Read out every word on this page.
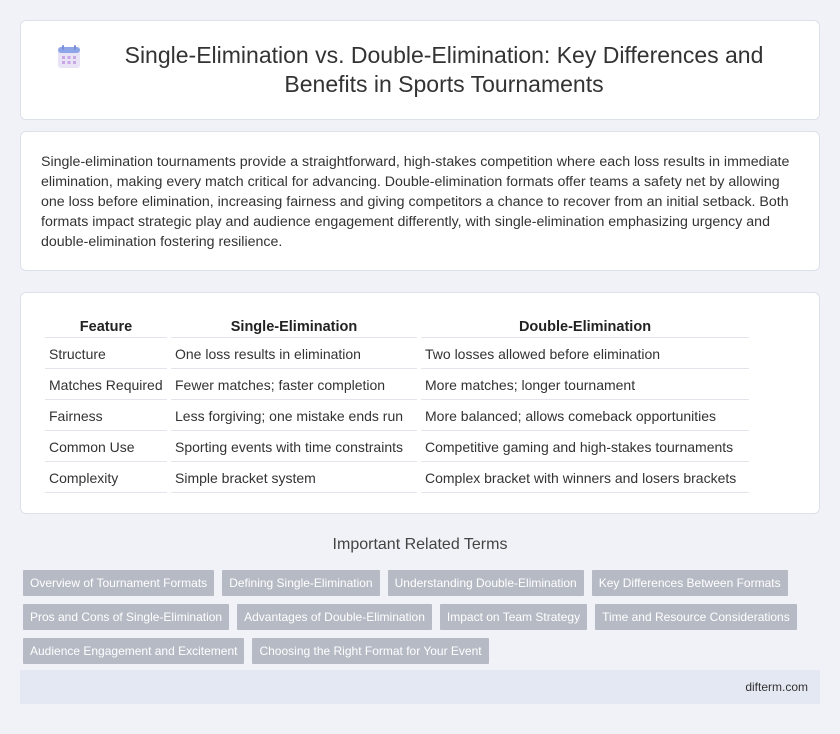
Single-Elimination vs. Double-Elimination: Key Differences and Benefits in Sports Tournaments

Single-elimination tournaments provide a straightforward, high-stakes competition where each loss results in immediate elimination, making every match critical for advancing. Double-elimination formats offer teams a safety net by allowing one loss before elimination, increasing fairness and giving competitors a chance to recover from an initial setback. Both formats impact strategic play and audience engagement differently, with single-elimination emphasizing urgency and double-elimination fostering resilience.

Feature	Single-Elimination	Double-Elimination
Structure	One loss results in elimination	Two losses allowed before elimination
Matches Required	Fewer matches; faster completion	More matches; longer tournament
Fairness	Less forgiving; one mistake ends run	More balanced; allows comeback opportunities
Common Use	Sporting events with time constraints	Competitive gaming and high-stakes tournaments
Complexity	Simple bracket system	Complex bracket with winners and losers brackets
Important Related Terms
Overview of Tournament Formats	Defining Single-Elimination	Understanding Double-Elimination	Key Differences Between Formats
Pros and Cons of Single-Elimination	Advantages of Double-Elimination	Impact on Team Strategy	Time and Resource Considerations
Audience Engagement and Excitement	Choosing the Right Format for Your Event
difterm.com
